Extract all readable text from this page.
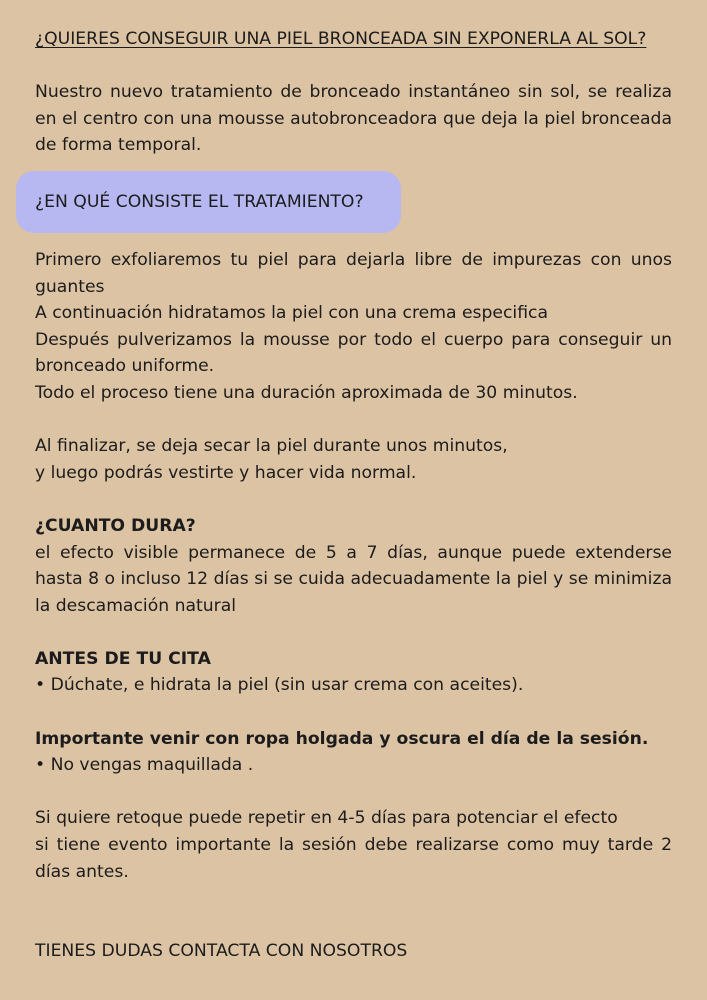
¿QUIERES CONSEGUIR UNA PIEL BRONCEADA SIN EXPONERLA AL SOL?

Nuestro nuevo tratamiento de bronceado instantáneo sin sol, se realiza en el centro con una mousse autobronceadora que deja la piel bronceada de forma temporal.

¿EN QUÉ CONSISTE EL TRATAMIENTO?

Primero exfoliaremos tu piel para dejarla libre de impurezas con unos guantes

A continuación hidratamos la piel con una crema especifica

Después pulverizamos la mousse por todo el cuerpo para conseguir un bronceado uniforme.

Todo el proceso tiene una duración aproximada de 30 minutos.

Al finalizar, se deja secar la piel durante unos minutos,

y luego podrás vestirte y hacer vida normal.

¿CUANTO DURA?

el efecto visible permanece de 5 a 7 días, aunque puede extenderse hasta 8 o incluso 12 días si se cuida adecuadamente la piel y se minimiza la descamación natural

ANTES DE TU CITA

• Dúchate, e hidrata la piel (sin usar crema con aceites).

Importante venir con ropa holgada y oscura el día de la sesión.

• No vengas maquillada .

Si quiere retoque puede repetir en 4-5 días para potenciar el efecto

si tiene evento importante la sesión debe realizarse como muy tarde 2 días antes.

TIENES DUDAS CONTACTA CON NOSOTROS
